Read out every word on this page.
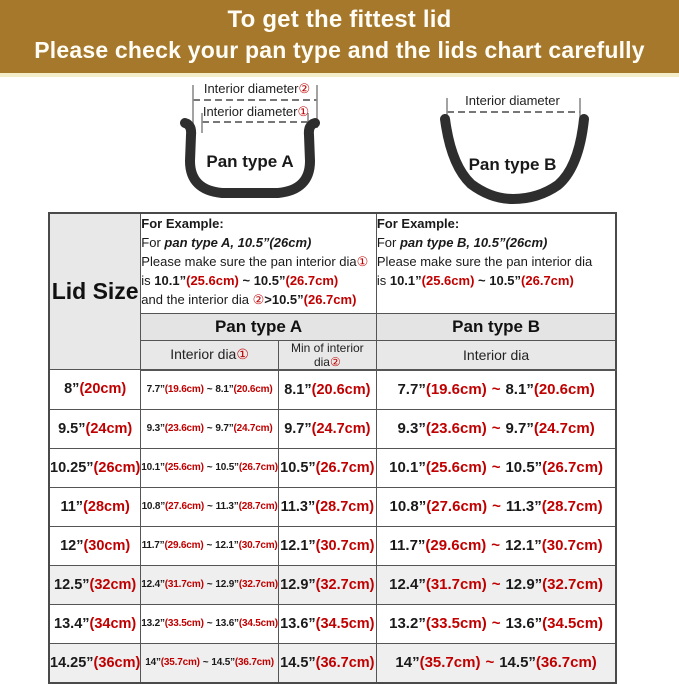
To get the fittest lid
Please check your pan type and the lids chart carefully
Interior diameter②
Interior diameter①
Pan type A
Interior diameter
Pan type B
Lid Size	
For Example:
For pan type A, 10.5”(26cm)
Please make sure the pan interior dia①
is 10.1”(25.6cm) ~ 10.5”(26.7cm)
and the interior dia ②>10.5”(26.7cm)

For Example:
For pan type B, 10.5”(26cm)
Please make sure the pan interior dia
is 10.1”(25.6cm) ~ 10.5”(26.7cm)

	Pan type A		Pan type B
	Interior dia①	Min of interior dia②	Interior dia
8”(20cm)	7.7”(19.6cm) ~ 8.1”(20.6cm)	8.1”(20.6cm)	7.7”(19.6cm) ~ 8.1”(20.6cm)
9.5”(24cm)	9.3”(23.6cm) ~ 9.7”(24.7cm)	9.7”(24.7cm)	9.3”(23.6cm) ~ 9.7”(24.7cm)
10.25”(26cm)	10.1”(25.6cm) ~ 10.5”(26.7cm)	10.5”(26.7cm)	10.1”(25.6cm) ~ 10.5”(26.7cm)
11”(28cm)	10.8”(27.6cm) ~ 11.3”(28.7cm)	11.3”(28.7cm)	10.8”(27.6cm) ~ 11.3”(28.7cm)
12”(30cm)	11.7”(29.6cm) ~ 12.1”(30.7cm)	12.1”(30.7cm)	11.7”(29.6cm) ~ 12.1”(30.7cm)
12.5”(32cm)	12.4”(31.7cm) ~ 12.9”(32.7cm)	12.9”(32.7cm)	12.4”(31.7cm) ~ 12.9”(32.7cm)
13.4”(34cm)	13.2”(33.5cm) ~ 13.6”(34.5cm)	13.6”(34.5cm)	13.2”(33.5cm) ~ 13.6”(34.5cm)
14.25”(36cm)	14”(35.7cm) ~ 14.5”(36.7cm)	14.5”(36.7cm)	14”(35.7cm) ~ 14.5”(36.7cm)
